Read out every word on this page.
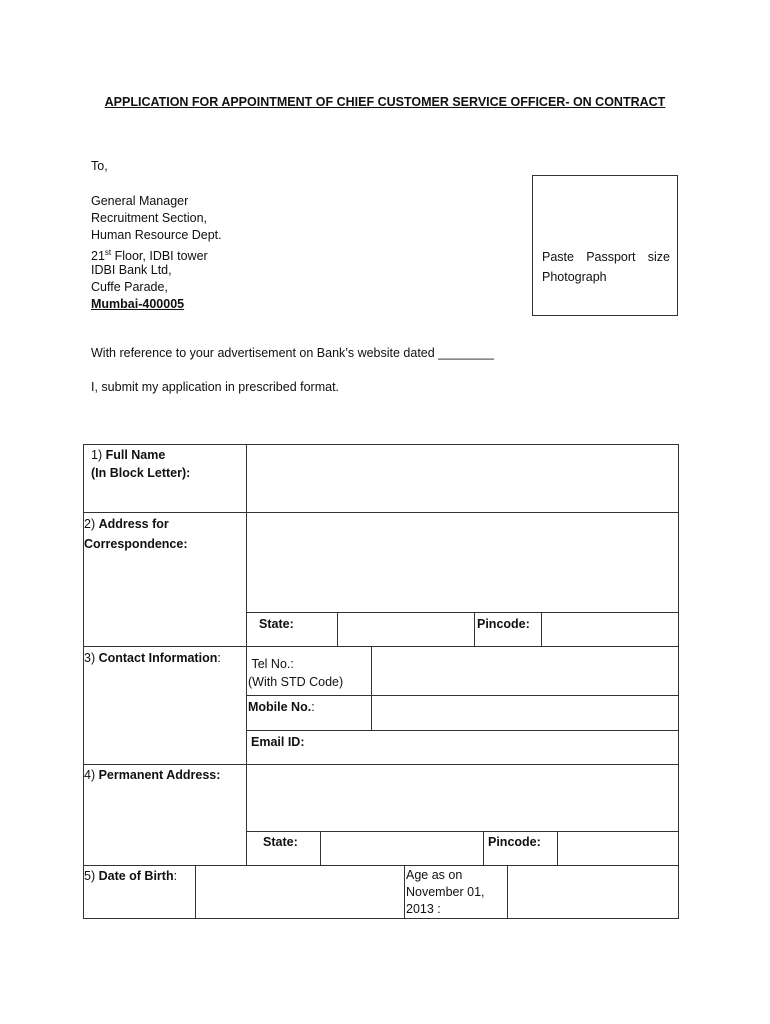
APPLICATION FOR APPOINTMENT OF CHIEF CUSTOMER SERVICE OFFICER- ON CONTRACT
To,
General Manager
Recruitment Section,
Human Resource Dept.
21st Floor, IDBI tower
IDBI Bank Ltd,
Cuffe Parade,
Mumbai-400005
Paste Passport size
Photograph
With reference to your advertisement on Bank’s website dated ________
I, submit my application in prescribed format.
1) Full Name
(In Block Letter):
2) Address for
Correspondence:
State:	Pincode:
3) Contact Information: Tel No.:
(With STD Code)
Mobile No.:
Email ID:
4) Permanent Address:
State:	Pincode:
5) Date of Birth:	Age as on
November 01,
2013 :
